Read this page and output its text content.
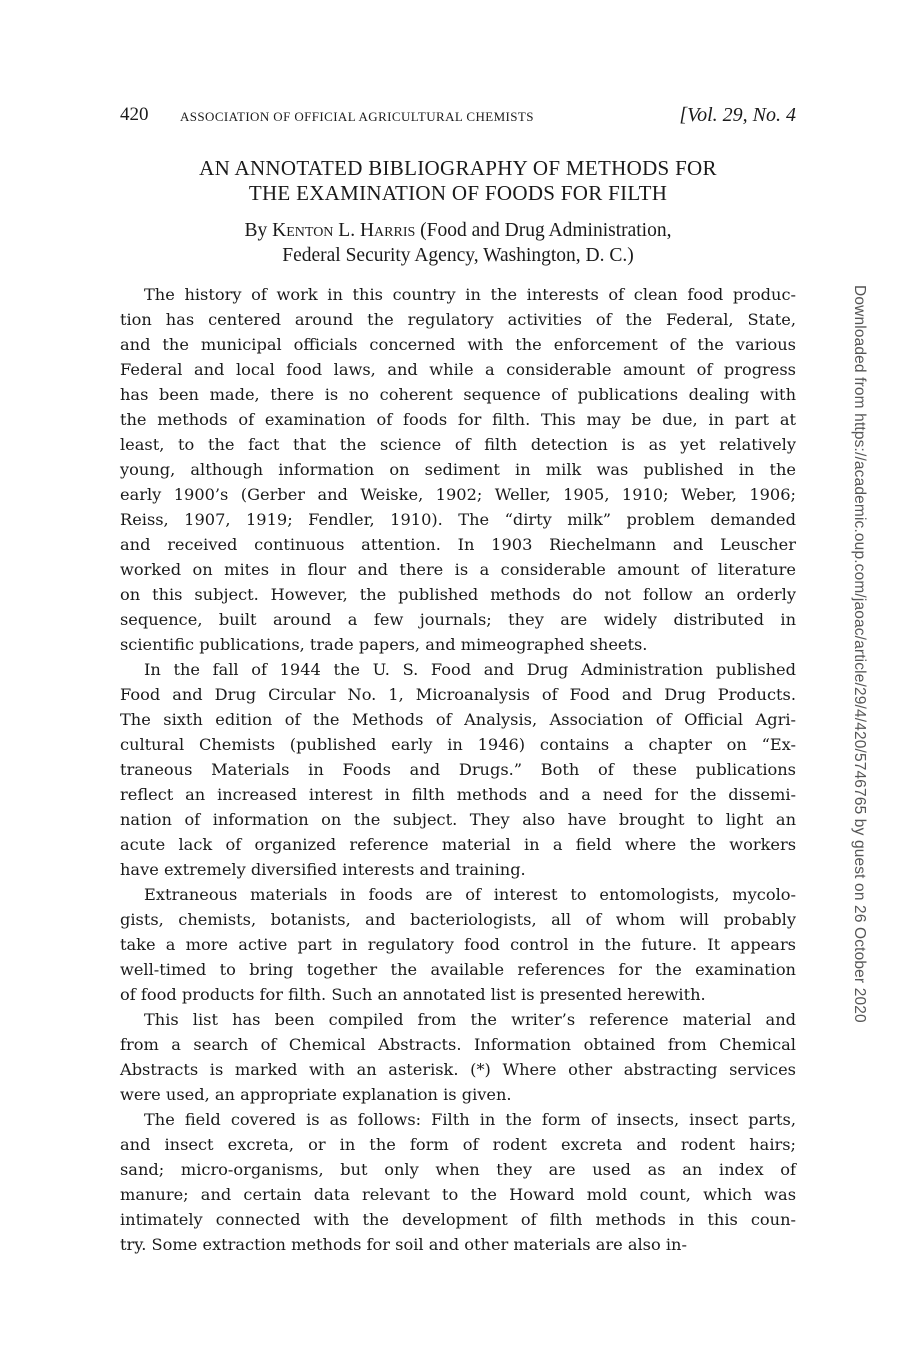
420 ASSOCIATION OF OFFICIAL AGRICULTURAL CHEMISTS	[Vol. 29, No. 4
AN ANNOTATED BIBLIOGRAPHY OF METHODS FOR
THE EXAMINATION OF FOODS FOR FILTH
By Kenton L. Harris (Food and Drug Administration,
Federal Security Agency, Washington, D. C.)
The history of work in this country in the interests of clean food produc-
tion has centered around the regulatory activities of the Federal, State,
and the municipal officials concerned with the enforcement of the various
Federal and local food laws, and while a considerable amount of progress
has been made, there is no coherent sequence of publications dealing with
the methods of examination of foods for filth. This may be due, in part at
least, to the fact that the science of filth detection is as yet relatively
young, although information on sediment in milk was published in the
early 1900’s (Gerber and Weiske, 1902; Weller, 1905, 1910; Weber, 1906;
Reiss, 1907, 1919; Fendler, 1910). The “dirty milk” problem demanded
and received continuous attention. In 1903 Riechelmann and Leuscher
worked on mites in flour and there is a considerable amount of literature
on this subject. However, the published methods do not follow an orderly
sequence, built around a few journals; they are widely distributed in
scientific publications, trade papers, and mimeographed sheets.
In the fall of 1944 the U. S. Food and Drug Administration published
Food and Drug Circular No. 1, Microanalysis of Food and Drug Products.
The sixth edition of the Methods of Analysis, Association of Official Agri-
cultural Chemists (published early in 1946) contains a chapter on “Ex-
traneous Materials in Foods and Drugs.” Both of these publications
reflect an increased interest in filth methods and a need for the dissemi-
nation of information on the subject. They also have brought to light an
acute lack of organized reference material in a field where the workers
have extremely diversified interests and training.
Extraneous materials in foods are of interest to entomologists, mycolo-
gists, chemists, botanists, and bacteriologists, all of whom will probably
take a more active part in regulatory food control in the future. It appears
well-timed to bring together the available references for the examination
of food products for filth. Such an annotated list is presented herewith.
This list has been compiled from the writer’s reference material and
from a search of Chemical Abstracts. Information obtained from Chemical
Abstracts is marked with an asterisk. (*) Where other abstracting services
were used, an appropriate explanation is given.
The field covered is as follows: Filth in the form of insects, insect parts,
and insect excreta, or in the form of rodent excreta and rodent hairs;
sand; micro-organisms, but only when they are used as an index of
manure; and certain data relevant to the Howard mold count, which was
intimately connected with the development of filth methods in this coun-
try. Some extraction methods for soil and other materials are also in-
Downloaded from https://academic.oup.com/jaoac/article/29/4/420/5746765 by guest on 26 October 2020
